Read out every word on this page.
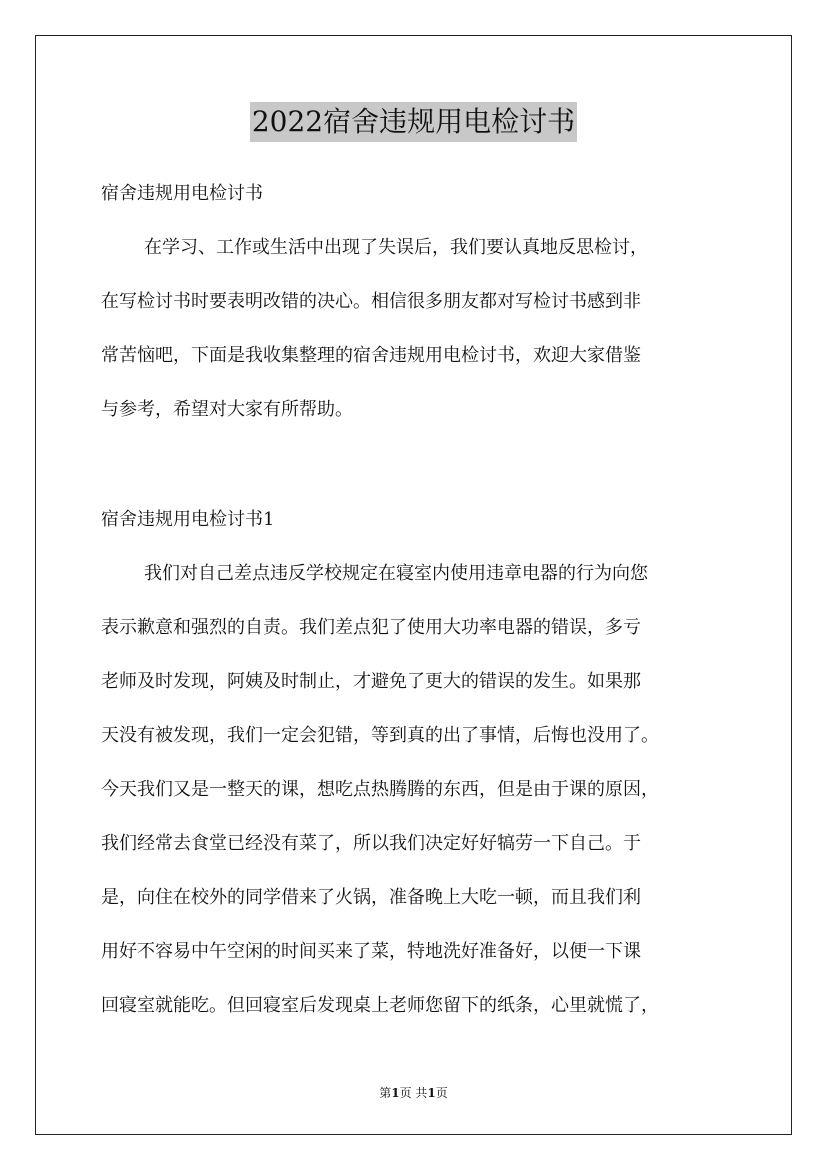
2022宿舍违规用电检讨书
宿舍违规用电检讨书
在学习、工作或生活中出现了失误后，我们要认真地反思检讨，
在写检讨书时要表明改错的决心。相信很多朋友都对写检讨书感到非
常苦恼吧，下面是我收集整理的宿舍违规用电检讨书，欢迎大家借鉴
与参考，希望对大家有所帮助。
宿舍违规用电检讨书1
我们对自己差点违反学校规定在寝室内使用违章电器的行为向您
表示歉意和强烈的自责。我们差点犯了使用大功率电器的错误，多亏
老师及时发现，阿姨及时制止，才避免了更大的错误的发生。如果那
天没有被发现，我们一定会犯错，等到真的出了事情，后悔也没用了。
今天我们又是一整天的课，想吃点热腾腾的东西，但是由于课的原因，
我们经常去食堂已经没有菜了，所以我们决定好好犒劳一下自己。于
是，向住在校外的同学借来了火锅，准备晚上大吃一顿，而且我们利
用好不容易中午空闲的时间买来了菜，特地洗好准备好，以便一下课
回寝室就能吃。但回寝室后发现桌上老师您留下的纸条，心里就慌了，
第1页 共1页
